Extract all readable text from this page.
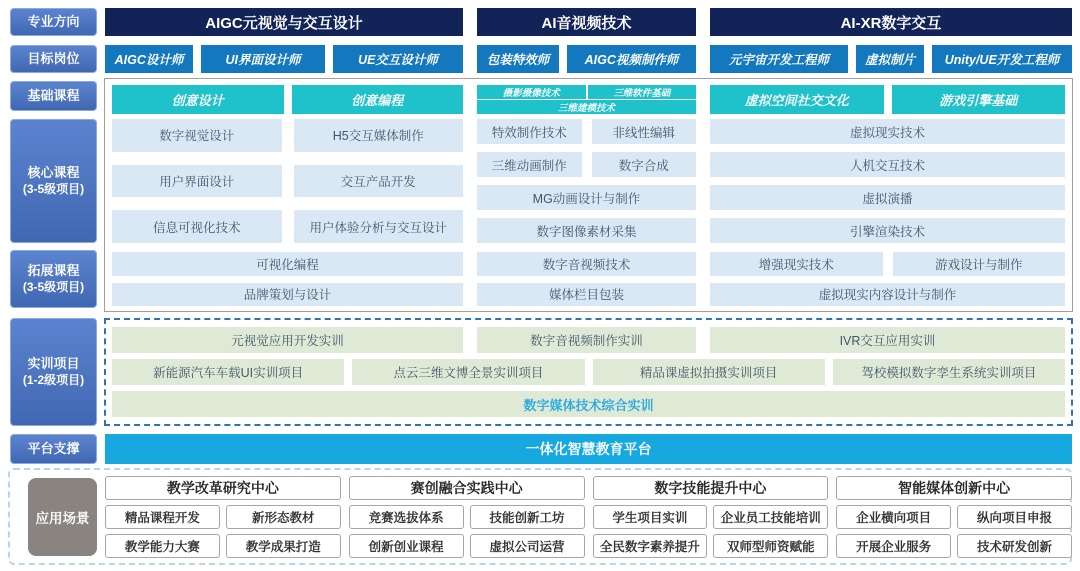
专业方向
目标岗位
基础课程
核心课程
(3-5级项目)
拓展课程
(3-5级项目)
实训项目
(1-2级项目)
平台支撑
AIGC元视觉与交互设计	AI音视频技术	AI-XR数字交互
AIGC设计师	UI界面设计师	UE交互设计师	包装特效师	AIGC视频制作师	元宇宙开发工程师	虚拟制片	Unity/UE开发工程师
创意设计	创意编程	摄影摄像技术	三维软件基础
三维建模技术
虚拟空间社交文化	游戏引擎基础
数字视觉设计	H5交互媒体制作
用户界面设计	交互产品开发
信息可视化技术	用户体验分析与交互设计
特效制作技术	非线性编辑
三维动画制作	数字合成
MG动画设计与制作
数字图像素材采集
虚拟现实技术
人机交互技术
虚拟演播
引擎渲染技术
可视化编程
品牌策划与设计
数字音视频技术
媒体栏目包装
增强现实技术	游戏设计与制作
虚拟现实内容设计与制作
元视觉应用开发实训	数字音视频制作实训	IVR交互应用实训
新能源汽车车载UI实训项目	点云三维文博全景实训项目	精品课虚拟拍摄实训项目	驾校模拟数字孪生系统实训项目
数字媒体技术综合实训
一体化智慧教育平台
应用场景
教学改革研究中心
精品课程开发	新形态教材
教学能力大赛	教学成果打造
赛创融合实践中心
竞赛选拔体系	技能创新工坊
创新创业课程	虚拟公司运营
数字技能提升中心
学生项目实训	企业员工技能培训
全民数字素养提升	双师型师资赋能
智能媒体创新中心
企业横向项目	纵向项目申报
开展企业服务	技术研发创新
